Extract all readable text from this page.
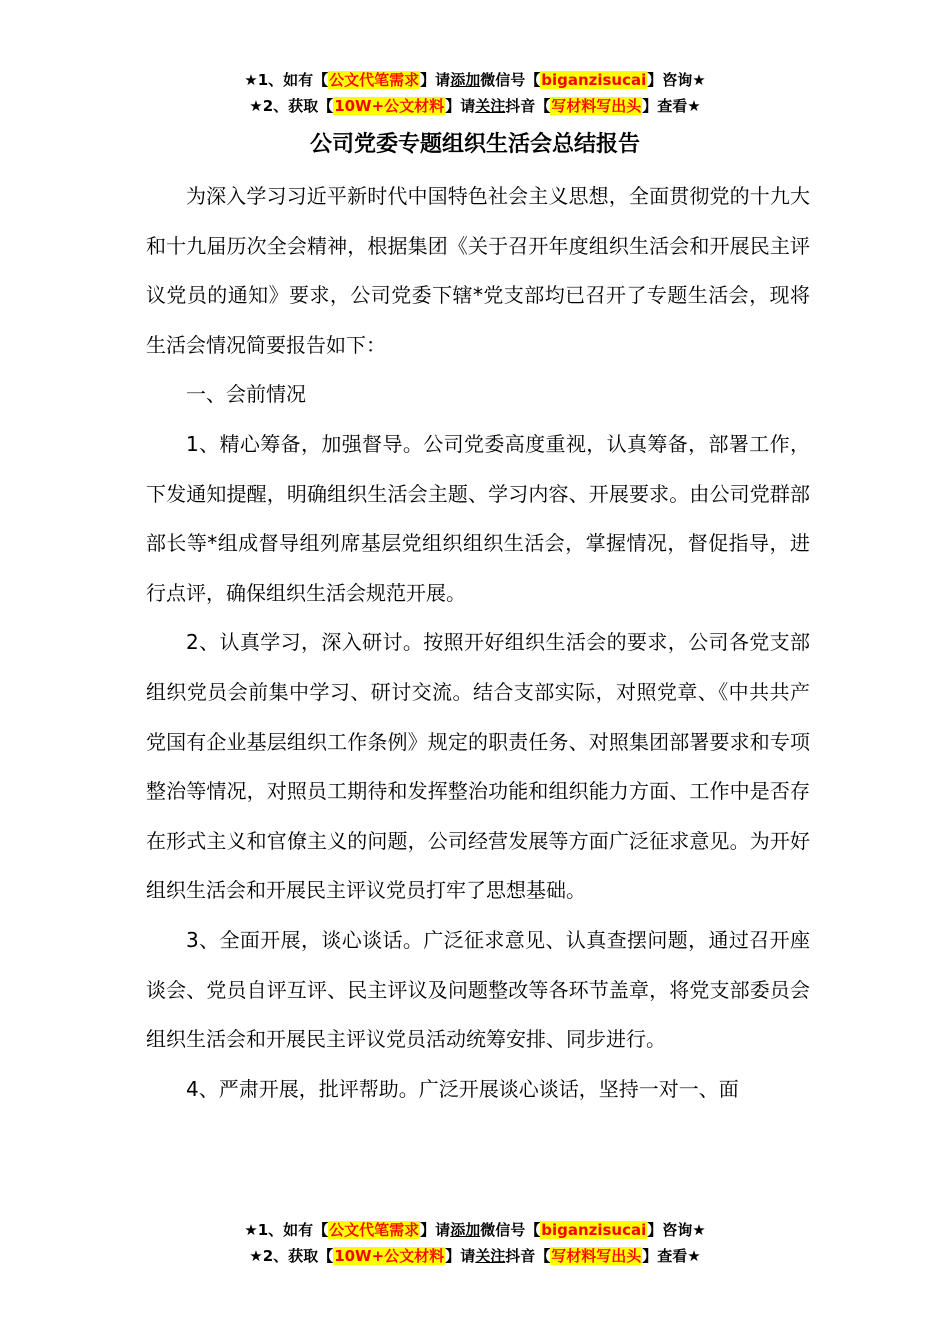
★1、如有【公文代笔需求】请添加微信号【biganzisucai】咨询★
★2、获取【10W+公文材料】请关注抖音【写材料写出头】查看★
公司党委专题组织生活会总结报告

为深入学习习近平新时代中国特色社会主义思想，全面贯彻党的十九大和十九届历次全会精神，根据集团《关于召开年度组织生活会和开展民主评议党员的通知》要求，公司党委下辖*党支部均已召开了专题生活会，现将生活会情况简要报告如下：

一、会前情况

1、精心筹备，加强督导。公司党委高度重视，认真筹备，部署工作，下发通知提醒，明确组织生活会主题、学习内容、开展要求。由公司党群部部长等*组成督导组列席基层党组织组织生活会，掌握情况，督促指导，进行点评，确保组织生活会规范开展。

2、认真学习，深入研讨。按照开好组织生活会的要求，公司各党支部组织党员会前集中学习、研讨交流。结合支部实际，对照党章、《中共共产党国有企业基层组织工作条例》规定的职责任务、对照集团部署要求和专项整治等情况，对照员工期待和发挥整治功能和组织能力方面、工作中是否存在形式主义和官僚主义的问题，公司经营发展等方面广泛征求意见。为开好组织生活会和开展民主评议党员打牢了思想基础。

3、全面开展，谈心谈话。广泛征求意见、认真查摆问题，通过召开座谈会、党员自评互评、民主评议及问题整改等各环节盖章，将党支部委员会组织生活会和开展民主评议党员活动统筹安排、同步进行。

4、严肃开展，批评帮助。广泛开展谈心谈话，坚持一对一、面

★1、如有【公文代笔需求】请添加微信号【biganzisucai】咨询★
★2、获取【10W+公文材料】请关注抖音【写材料写出头】查看★
